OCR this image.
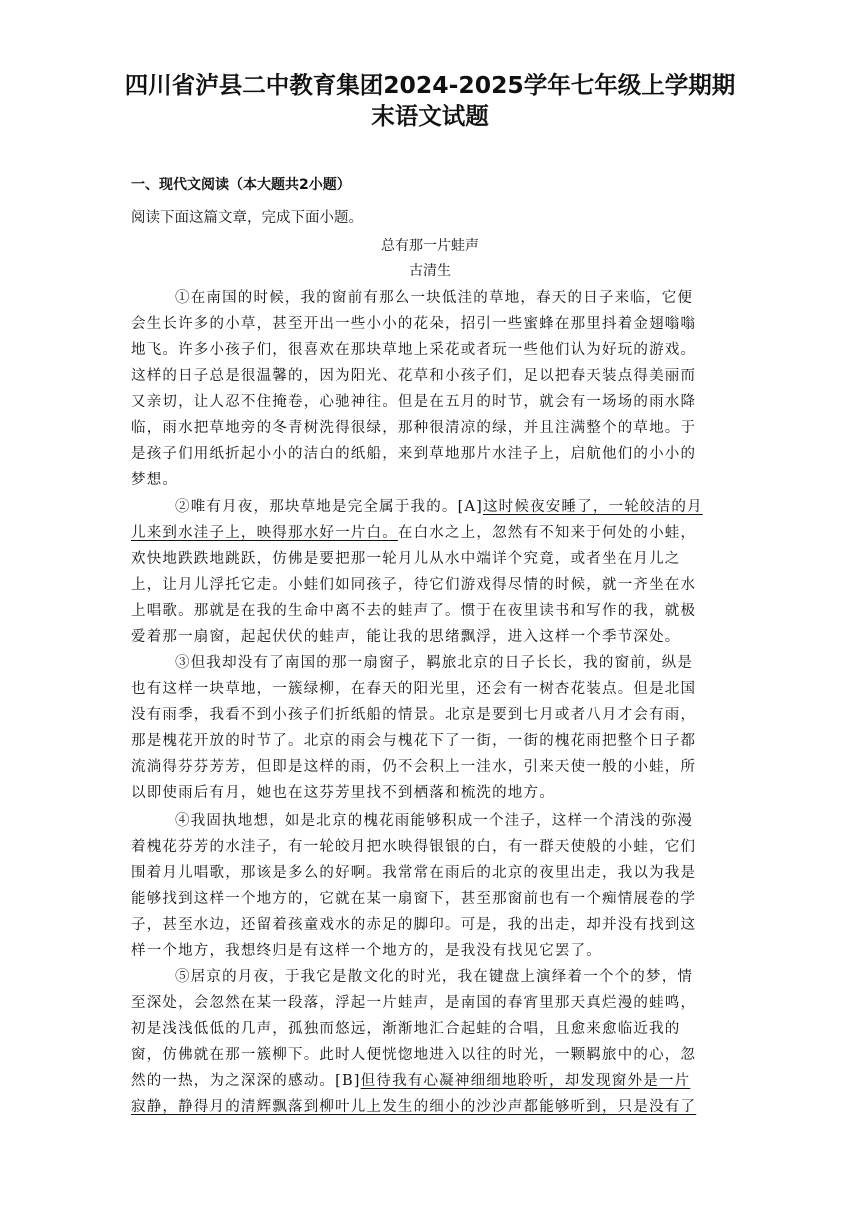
四川省泸县二中教育集团2024-2025学年七年级上学期期
末语文试题
一、现代文阅读（本大题共2小题）
阅读下面这篇文章，完成下面小题。
总有那一片蛙声
古清生
①在南国的时候，我的窗前有那么一块低洼的草地，春天的日子来临，它便
会生长许多的小草，甚至开出一些小小的花朵，招引一些蜜蜂在那里抖着金翅嗡嗡
地飞。许多小孩子们，很喜欢在那块草地上采花或者玩一些他们认为好玩的游戏。
这样的日子总是很温馨的，因为阳光、花草和小孩子们，足以把春天装点得美丽而
又亲切，让人忍不住掩卷，心驰神往。但是在五月的时节，就会有一场场的雨水降
临，雨水把草地旁的冬青树洗得很绿，那种很清凉的绿，并且注满整个的草地。于
是孩子们用纸折起小小的洁白的纸船，来到草地那片水洼子上，启航他们的小小的
梦想。
②唯有月夜，那块草地是完全属于我的。[A]这时候夜安睡了，一轮皎洁的月
儿来到水洼子上，映得那水好一片白。在白水之上，忽然有不知来于何处的小蛙，
欢快地跌跌地跳跃，仿佛是要把那一轮月儿从水中端详个究竟，或者坐在月儿之
上，让月儿浮托它走。小蛙们如同孩子，待它们游戏得尽情的时候，就一齐坐在水
上唱歌。那就是在我的生命中离不去的蛙声了。惯于在夜里读书和写作的我，就极
爱着那一扇窗，起起伏伏的蛙声，能让我的思绪飘浮，进入这样一个季节深处。
③但我却没有了南国的那一扇窗子，羁旅北京的日子长长，我的窗前，纵是
也有这样一块草地，一簇绿柳，在春天的阳光里，还会有一树杏花装点。但是北国
没有雨季，我看不到小孩子们折纸船的情景。北京是要到七月或者八月才会有雨，
那是槐花开放的时节了。北京的雨会与槐花下了一街，一街的槐花雨把整个日子都
流淌得芬芬芳芳，但即是这样的雨，仍不会积上一洼水，引来天使一般的小蛙，所
以即使雨后有月，她也在这芬芳里找不到栖落和梳洗的地方。
④我固执地想，如是北京的槐花雨能够积成一个洼子，这样一个清浅的弥漫
着槐花芬芳的水洼子，有一轮皎月把水映得银银的白，有一群天使般的小蛙，它们
围着月儿唱歌，那该是多么的好啊。我常常在雨后的北京的夜里出走，我以为我是
能够找到这样一个地方的，它就在某一扇窗下，甚至那窗前也有一个痴情展卷的学
子，甚至水边，还留着孩童戏水的赤足的脚印。可是，我的出走，却并没有找到这
样一个地方，我想终归是有这样一个地方的，是我没有找见它罢了。
⑤居京的月夜，于我它是散文化的时光，我在键盘上演绎着一个个的梦，情
至深处，会忽然在某一段落，浮起一片蛙声，是南国的春宵里那天真烂漫的蛙鸣，
初是浅浅低低的几声，孤独而悠远，渐渐地汇合起蛙的合唱，且愈来愈临近我的
窗，仿佛就在那一簇柳下。此时人便恍惚地进入以往的时光，一颗羁旅中的心，忽
然的一热，为之深深的感动。[B]但待我有心凝神细细地聆听，却发现窗外是一片
寂静，静得月的清辉飘落到柳叶儿上发生的细小的沙沙声都能够听到，只是没有了
